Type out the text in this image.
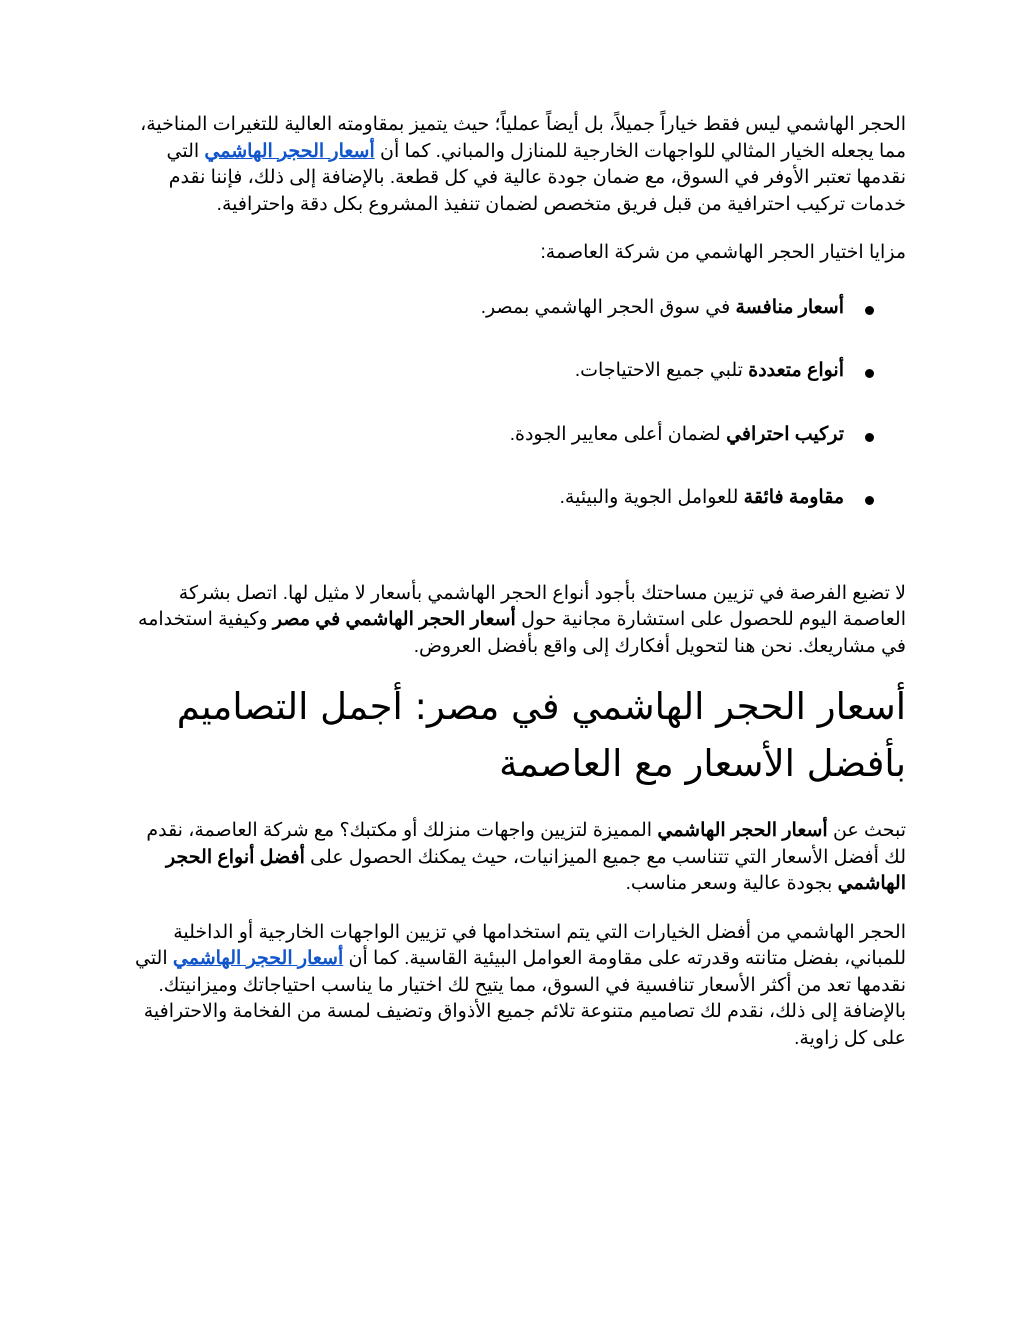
الحجر الهاشمي ليس فقط خياراً جميلاً، بل أيضاً عملياً؛ حيث يتميز بمقاومته العالية للتغيرات المناخية، مما يجعله الخيار المثالي للواجهات الخارجية للمنازل والمباني. كما أن أسعار الحجر الهاشمي التي نقدمها تعتبر الأوفر في السوق، مع ضمان جودة عالية في كل قطعة. بالإضافة إلى ذلك، فإننا نقدم خدمات تركيب احترافية من قبل فريق متخصص لضمان تنفيذ المشروع بكل دقة واحترافية.

مزايا اختيار الحجر الهاشمي من شركة العاصمة:

أسعار منافسة في سوق الحجر الهاشمي بمصر.
أنواع متعددة تلبي جميع الاحتياجات.
تركيب احترافي لضمان أعلى معايير الجودة.
مقاومة فائقة للعوامل الجوية والبيئية.

لا تضيع الفرصة في تزيين مساحتك بأجود أنواع الحجر الهاشمي بأسعار لا مثيل لها. اتصل بشركة العاصمة اليوم للحصول على استشارة مجانية حول أسعار الحجر الهاشمي في مصر وكيفية استخدامه في مشاريعك. نحن هنا لتحويل أفكارك إلى واقع بأفضل العروض.

أسعار الحجر الهاشمي في مصر: أجمل التصاميم بأفضل الأسعار مع العاصمة

تبحث عن أسعار الحجر الهاشمي المميزة لتزيين واجهات منزلك أو مكتبك؟ مع شركة العاصمة، نقدم لك أفضل الأسعار التي تتناسب مع جميع الميزانيات، حيث يمكنك الحصول على أفضل أنواع الحجر الهاشمي بجودة عالية وسعر مناسب.

الحجر الهاشمي من أفضل الخيارات التي يتم استخدامها في تزيين الواجهات الخارجية أو الداخلية للمباني، بفضل متانته وقدرته على مقاومة العوامل البيئية القاسية. كما أن أسعار الحجر الهاشمي التي نقدمها تعد من أكثر الأسعار تنافسية في السوق، مما يتيح لك اختيار ما يناسب احتياجاتك وميزانيتك. بالإضافة إلى ذلك، نقدم لك تصاميم متنوعة تلائم جميع الأذواق وتضيف لمسة من الفخامة والاحترافية على كل زاوية.
